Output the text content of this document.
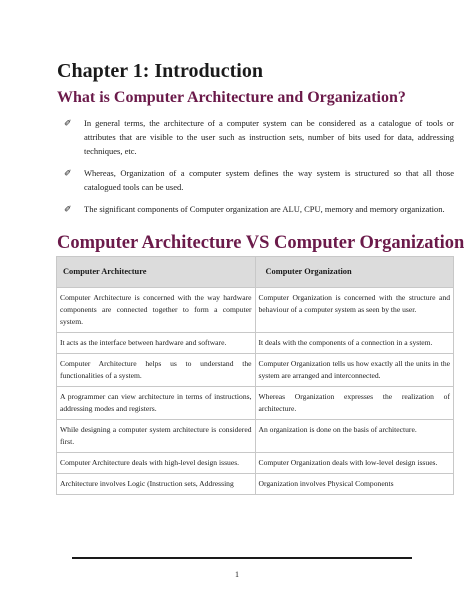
Chapter 1: Introduction
What is Computer Architecture and Organization?
✐	In general terms, the architecture of a computer system can be considered as a catalogue of tools or attributes that are visible to the user such as instruction sets, number of bits used for data, addressing techniques, etc.
✐	Whereas, Organization of a computer system defines the way system is structured so that all those catalogued tools can be used.
✐	The significant components of Computer organization are ALU, CPU, memory and memory organization.
Computer Architecture VS Computer Organization
Computer Architecture	Computer Organization
Computer Architecture is concerned with the way hardware components are connected together to form a computer system.	Computer Organization is concerned with the structure and behaviour of a computer system as seen by the user.
It acts as the interface between hardware and software.	It deals with the components of a connection in a system.
Computer Architecture helps us to understand the functionalities of a system.	Computer Organization tells us how exactly all the units in the system are arranged and interconnected.
A programmer can view architecture in terms of instructions, addressing modes and registers.	Whereas Organization expresses the realization of architecture.
While designing a computer system architecture is considered first.	An organization is done on the basis of architecture.
Computer Architecture deals with high-level design issues.	Computer Organization deals with low-level design issues.
Architecture involves Logic (Instruction sets, Addressing	Organization involves Physical Components
1
